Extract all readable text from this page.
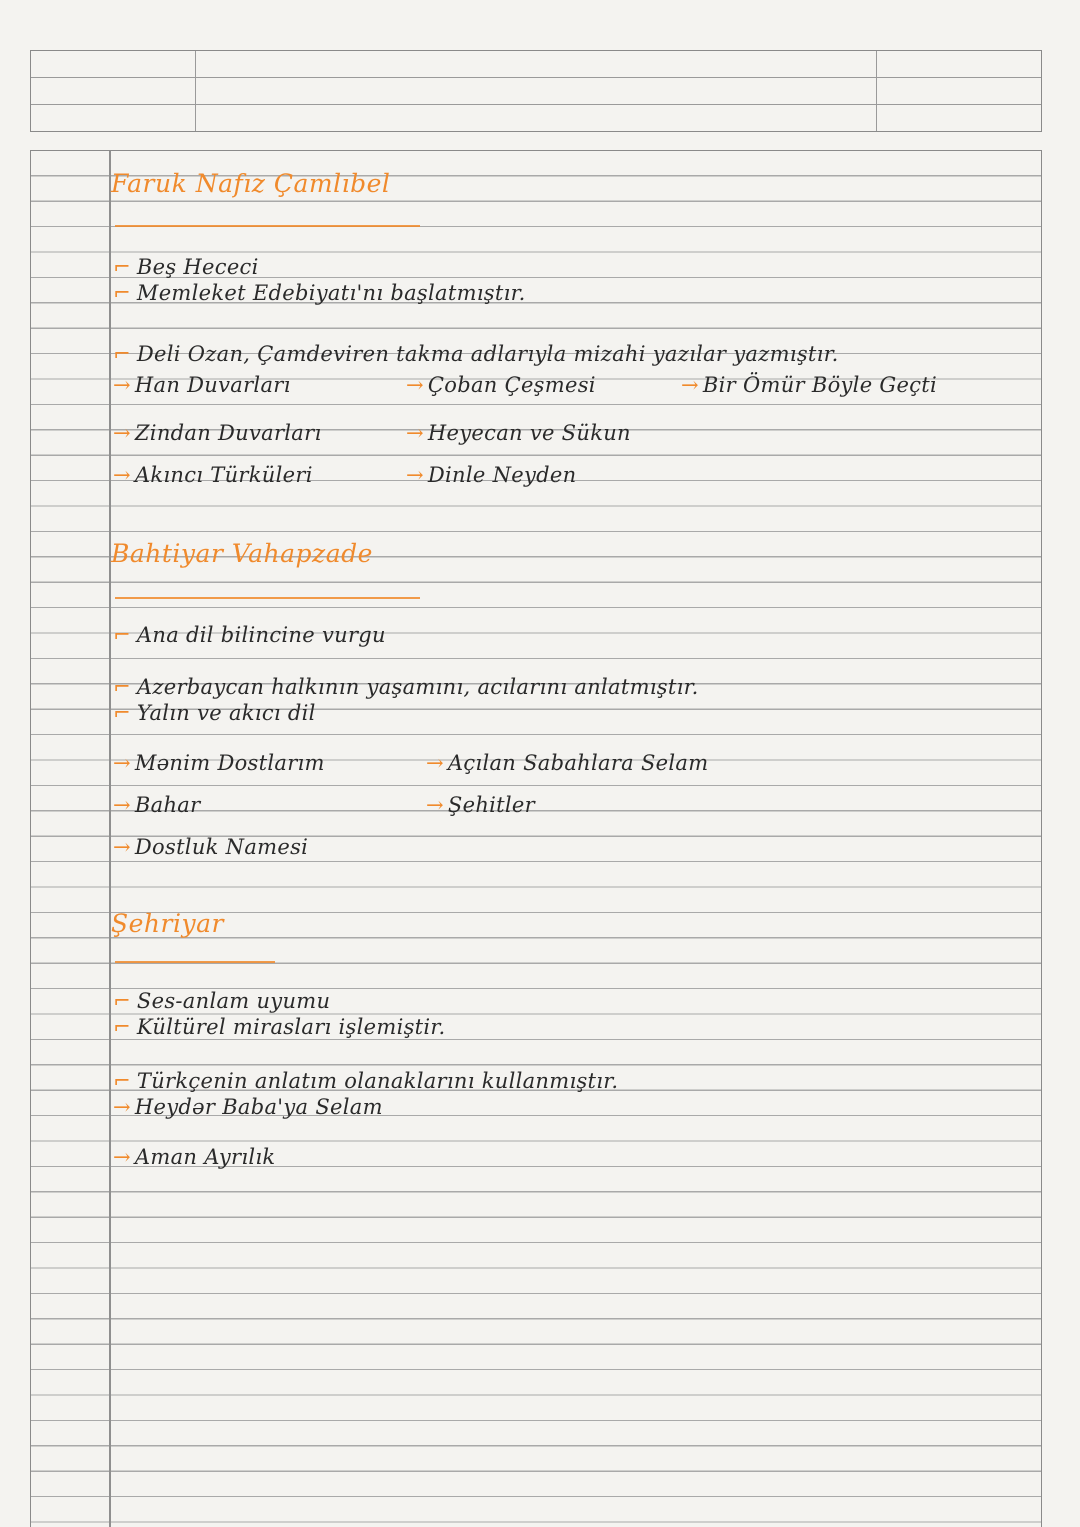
Faruk Nafız Çamlıbel
⌐ Beş Hececi
⌐ Memleket Edebiyatı'nı başlatmıştır.
⌐ Deli Ozan, Çamdeviren takma adlarıyla mizahi yazılar yazmıştır.
→ Han Duvarları	→ Çoban Çeşmesi	→ Bir Ömür Böyle Geçti
→ Zindan Duvarları	→ Heyecan ve Sükun
→ Akıncı Türküleri	→ Dinle Neyden
Bahtiyar Vahapzade
⌐ Ana dil bilincine vurgu
⌐ Azerbaycan halkının yaşamını, acılarını anlatmıştır.
⌐ Yalın ve akıcı dil
→ Mənim Dostlarım	→ Açılan Sabahlara Selam
→ Bahar	→ Şehitler
→ Dostluk Namesi
Şehriyar
⌐ Ses-anlam uyumu
⌐ Kültürel mirasları işlemiştir.
⌐ Türkçenin anlatım olanaklarını kullanmıştır.
→ Heydər Baba'ya Selam
→ Aman Ayrılık
